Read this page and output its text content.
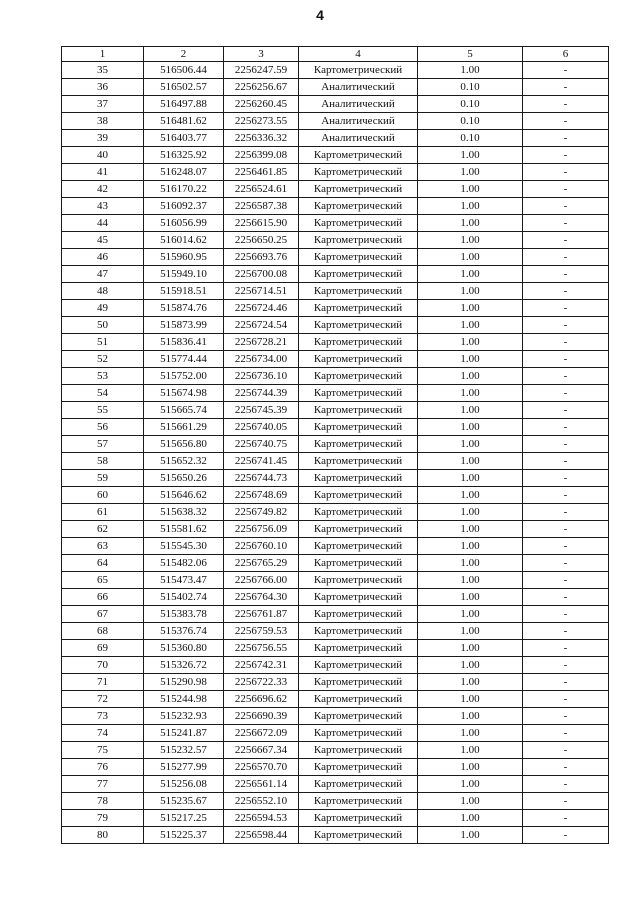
4
1	2	3	4	5	6
35	516506.44	2256247.59	Картометрический	1.00	-
36	516502.57	2256256.67	Аналитический	0.10	-
37	516497.88	2256260.45	Аналитический	0.10	-
38	516481.62	2256273.55	Аналитический	0.10	-
39	516403.77	2256336.32	Аналитический	0.10	-
40	516325.92	2256399.08	Картометрический	1.00	-
41	516248.07	2256461.85	Картометрический	1.00	-
42	516170.22	2256524.61	Картометрический	1.00	-
43	516092.37	2256587.38	Картометрический	1.00	-
44	516056.99	2256615.90	Картометрический	1.00	-
45	516014.62	2256650.25	Картометрический	1.00	-
46	515960.95	2256693.76	Картометрический	1.00	-
47	515949.10	2256700.08	Картометрический	1.00	-
48	515918.51	2256714.51	Картометрический	1.00	-
49	515874.76	2256724.46	Картометрический	1.00	-
50	515873.99	2256724.54	Картометрический	1.00	-
51	515836.41	2256728.21	Картометрический	1.00	-
52	515774.44	2256734.00	Картометрический	1.00	-
53	515752.00	2256736.10	Картометрический	1.00	-
54	515674.98	2256744.39	Картометрический	1.00	-
55	515665.74	2256745.39	Картометрический	1.00	-
56	515661.29	2256740.05	Картометрический	1.00	-
57	515656.80	2256740.75	Картометрический	1.00	-
58	515652.32	2256741.45	Картометрический	1.00	-
59	515650.26	2256744.73	Картометрический	1.00	-
60	515646.62	2256748.69	Картометрический	1.00	-
61	515638.32	2256749.82	Картометрический	1.00	-
62	515581.62	2256756.09	Картометрический	1.00	-
63	515545.30	2256760.10	Картометрический	1.00	-
64	515482.06	2256765.29	Картометрический	1.00	-
65	515473.47	2256766.00	Картометрический	1.00	-
66	515402.74	2256764.30	Картометрический	1.00	-
67	515383.78	2256761.87	Картометрический	1.00	-
68	515376.74	2256759.53	Картометрический	1.00	-
69	515360.80	2256756.55	Картометрический	1.00	-
70	515326.72	2256742.31	Картометрический	1.00	-
71	515290.98	2256722.33	Картометрический	1.00	-
72	515244.98	2256696.62	Картометрический	1.00	-
73	515232.93	2256690.39	Картометрический	1.00	-
74	515241.87	2256672.09	Картометрический	1.00	-
75	515232.57	2256667.34	Картометрический	1.00	-
76	515277.99	2256570.70	Картометрический	1.00	-
77	515256.08	2256561.14	Картометрический	1.00	-
78	515235.67	2256552.10	Картометрический	1.00	-
79	515217.25	2256594.53	Картометрический	1.00	-
80	515225.37	2256598.44	Картометрический	1.00	-
